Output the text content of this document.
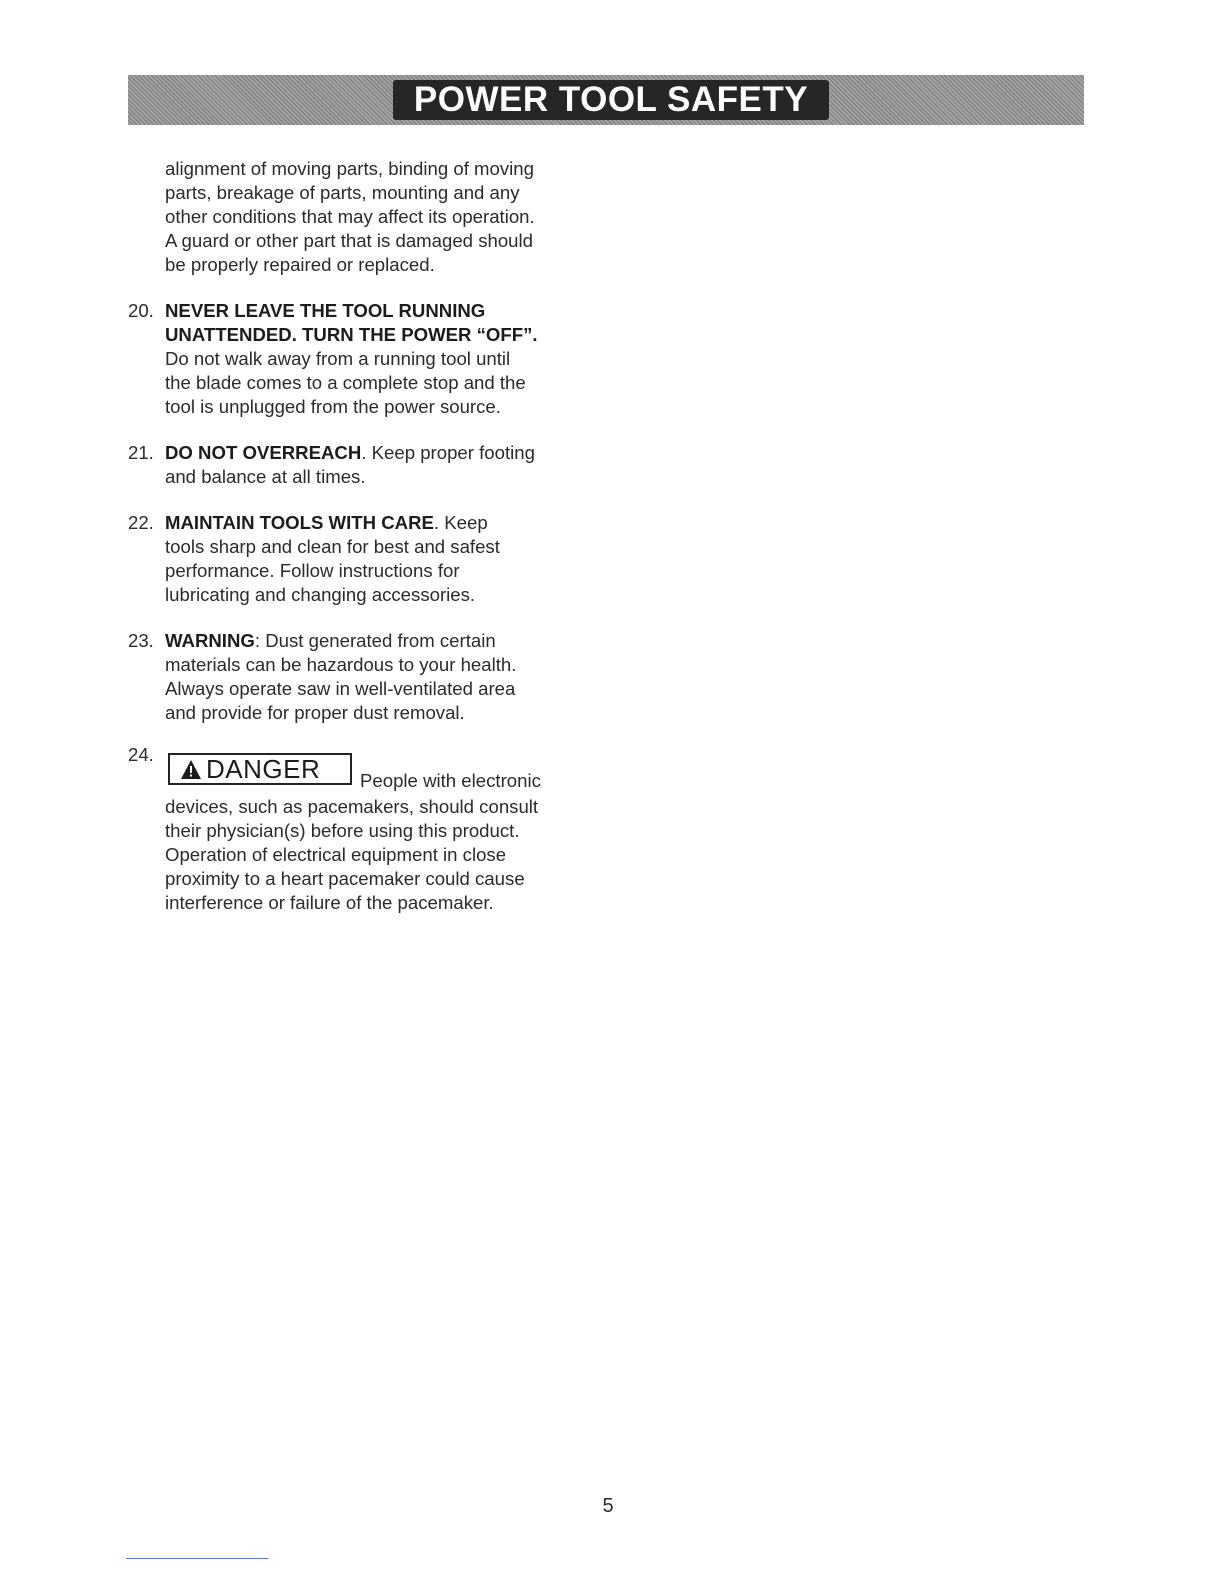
POWER TOOL SAFETY
alignment of moving parts, binding of moving
parts, breakage of parts, mounting and any
other conditions that may affect its operation.
A guard or other part that is damaged should
be properly repaired or replaced.
20. NEVER LEAVE THE TOOL RUNNING
UNATTENDED. TURN THE POWER “OFF”.
Do not walk away from a running tool until
the blade comes to a complete stop and the
tool is unplugged from the power source.
21. DO NOT OVERREACH. Keep proper footing
and balance at all times.
22. MAINTAIN TOOLS WITH CARE. Keep
tools sharp and clean for best and safest
performance. Follow instructions for
lubricating and changing accessories.
23. WARNING: Dust generated from certain
materials can be hazardous to your health.
Always operate saw in well-ventilated area
and provide for proper dust removal.
24. DANGER People with electronic
devices, such as pacemakers, should consult
their physician(s) before using this product.
Operation of electrical equipment in close
proximity to a heart pacemaker could cause
interference or failure of the pacemaker.
5
